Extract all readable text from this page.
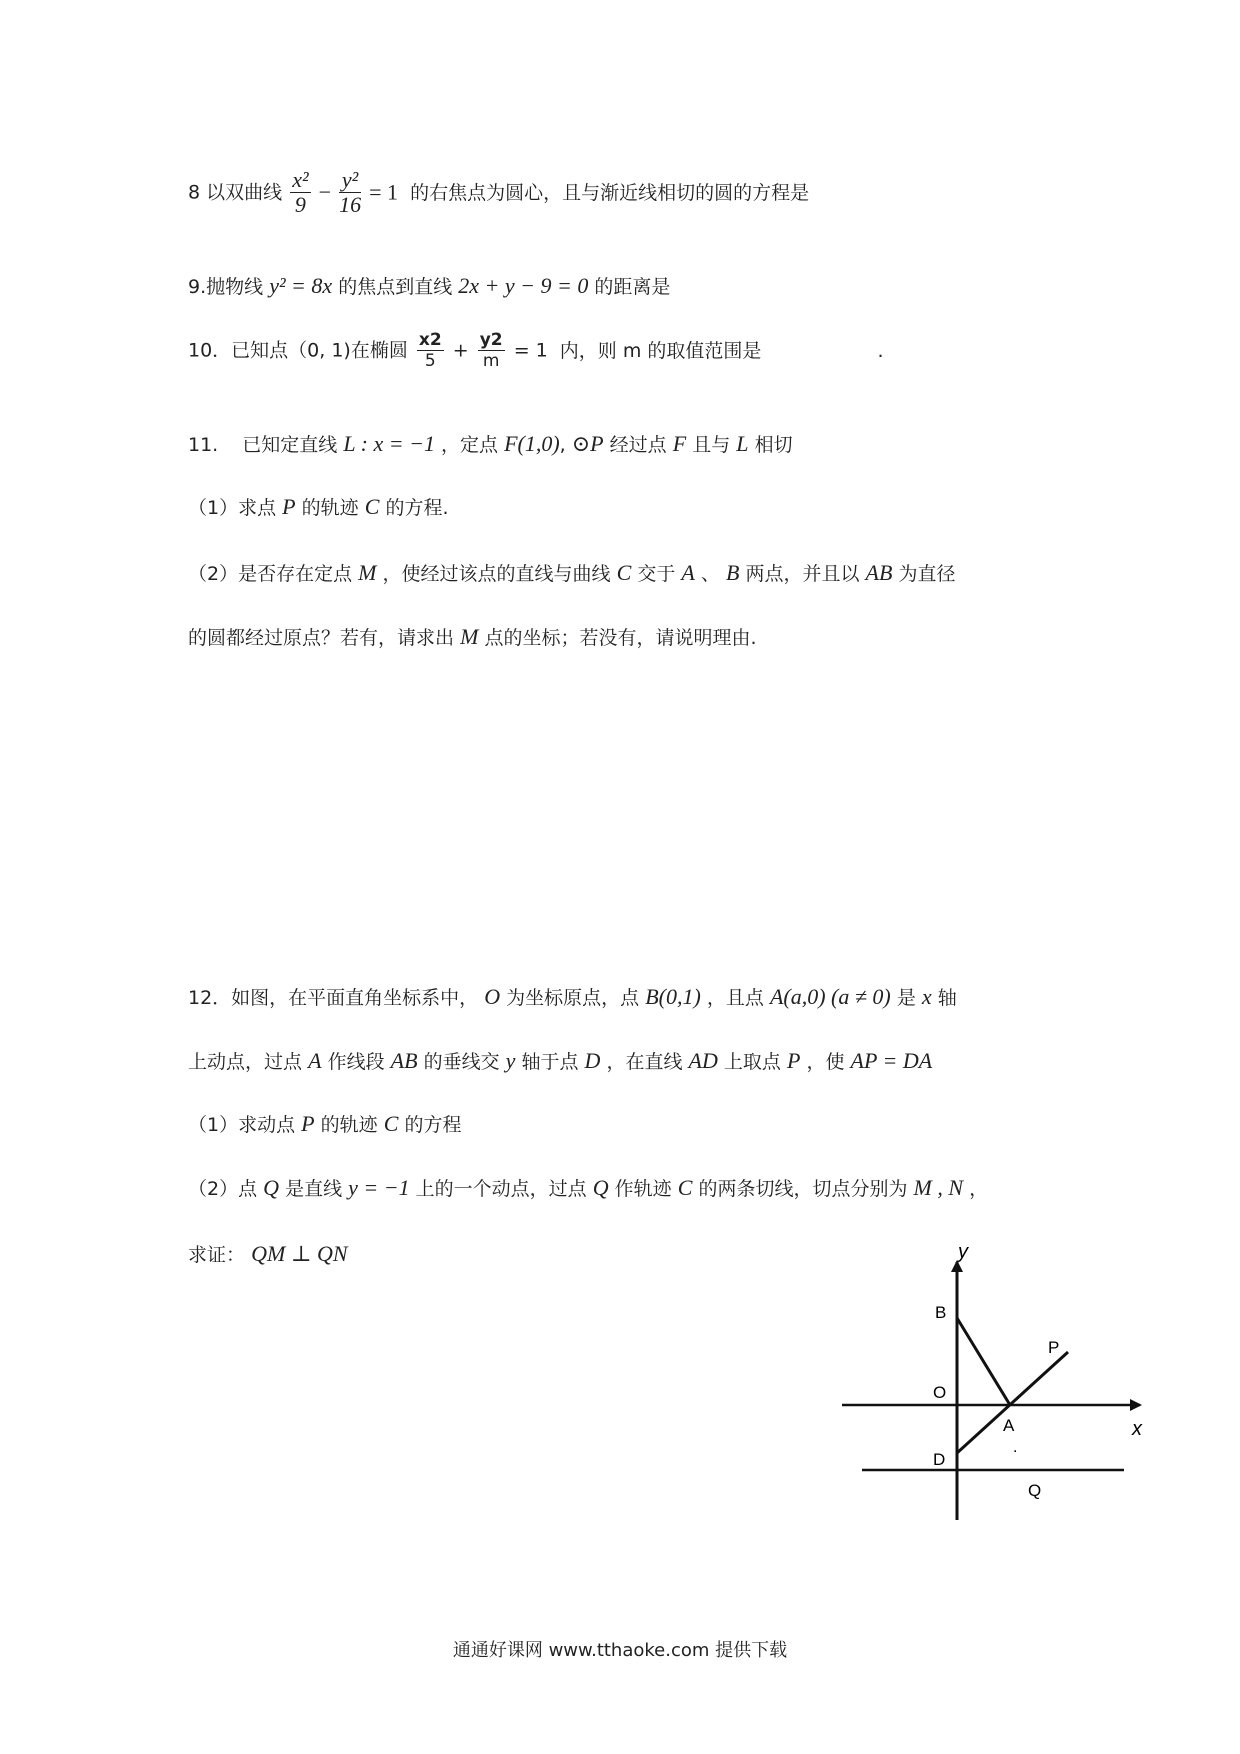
8 以双曲线 $\frac{\text{x²}}{9} - \frac{\text{y²}}{16} = 1$ 的右焦点为圆心，且与渐近线相切的圆的方程是
9.抛物线 y² = 8x 的焦点到直线 2x + y − 9 = 0 的距离是
10．已知点（0, 1)在椭圆 $\frac{x2}{5} + \frac{y2}{m} = 1$ 内，则 m 的取值范围是	.
11. 已知定直线 L : x = −1 ，定点 F(1,0), ⊙P 经过点 F 且与 L 相切
（1）求点 P 的轨迹 C 的方程.
（2）是否存在定点 M ，使经过该点的直线与曲线 C 交于 A 、 B 两点，并且以 AB 为直径
的圆都经过原点？若有，请求出 M 点的坐标；若没有，请说明理由.
12．如图，在平面直角坐标系中， O 为坐标原点，点 B(0,1) ，且点 A(a,0) (a ≠ 0) 是 x 轴
上动点，过点 A 作线段 AB 的垂线交 y 轴于点 D ，在直线 AD 上取点 P ，使 AP = DA
（1）求动点 P 的轨迹 C 的方程
（2）点 Q 是直线 y = −1 上的一个动点，过点 Q 作轨迹 C 的两条切线，切点分别为 M , N ，
求证： QM ⊥ QN	y
x
B
O
A
.
D
P
Q
通通好课网 www.tthaoke.com 提供下载
